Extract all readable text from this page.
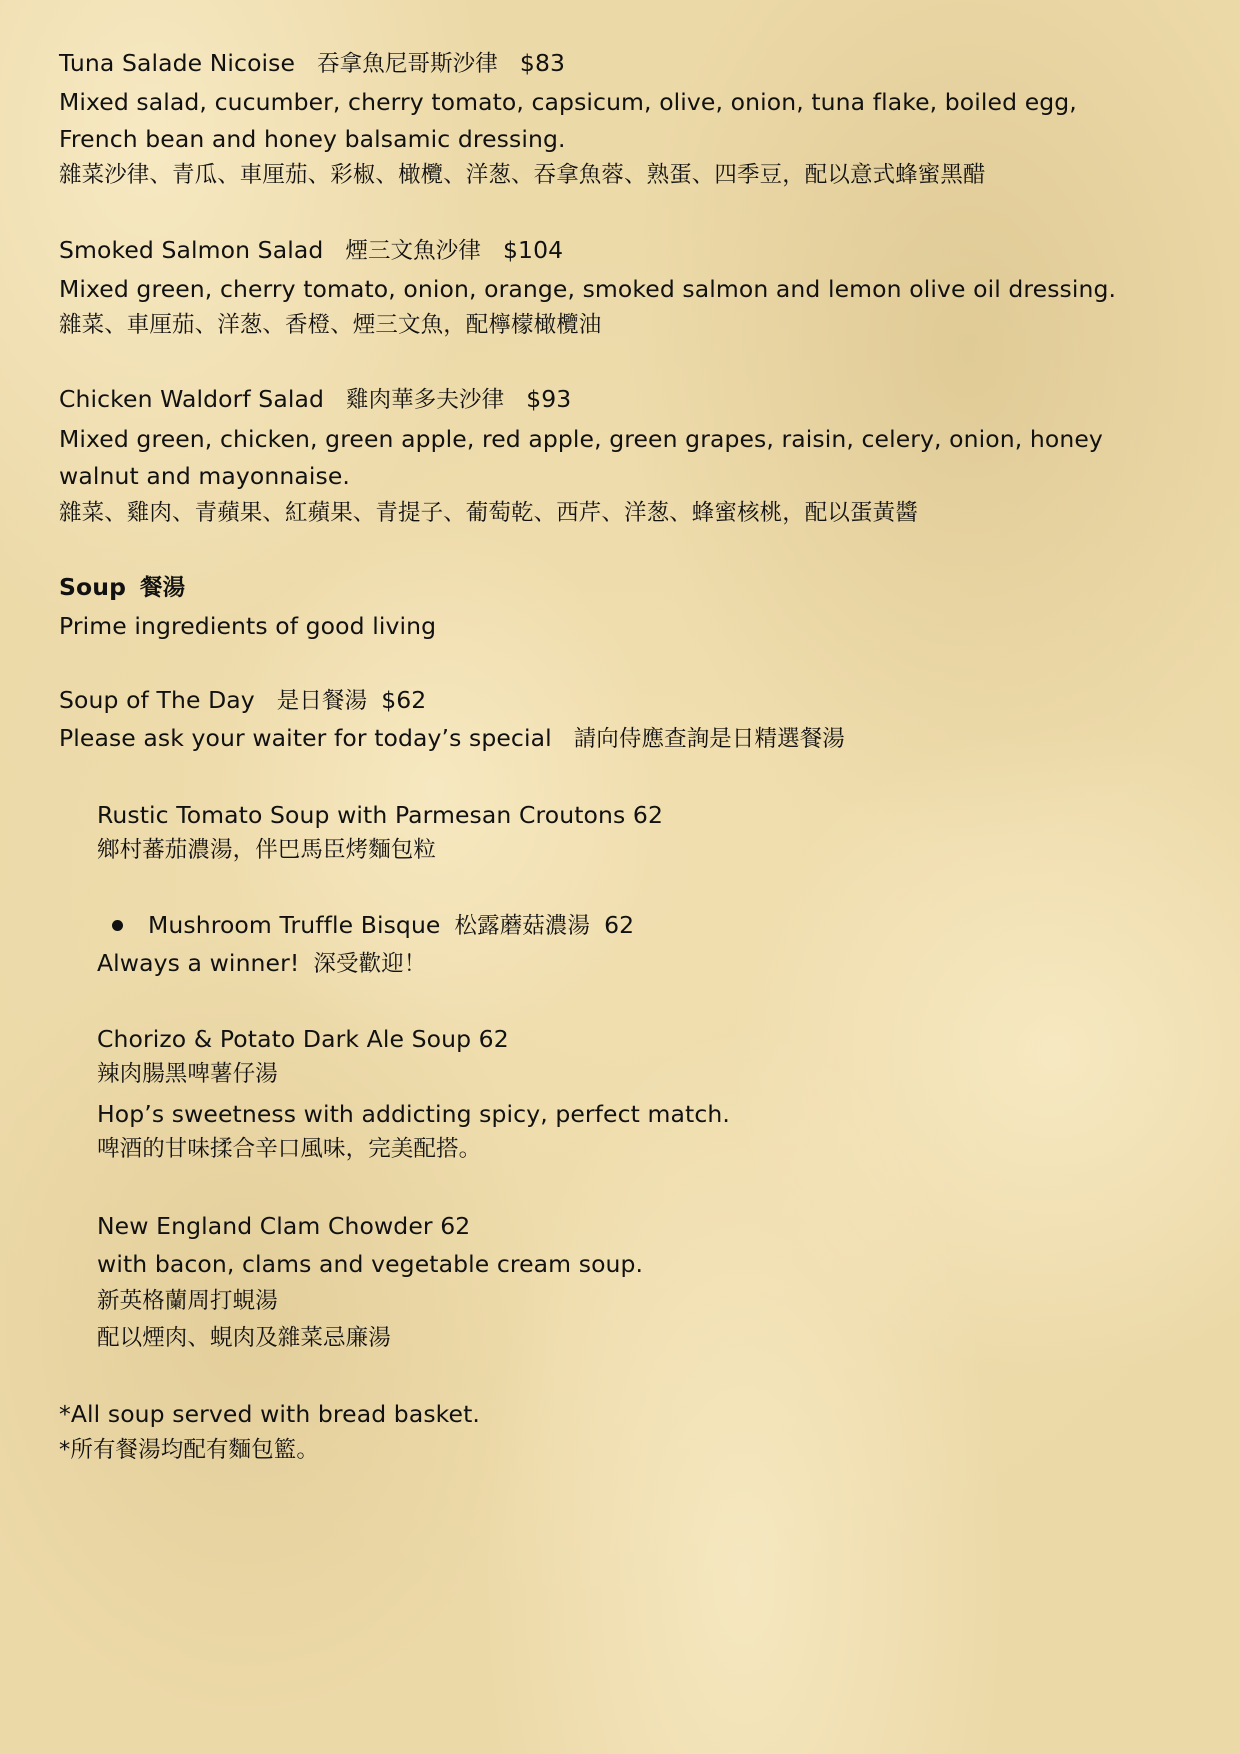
Tuna Salade Nicoise 吞拿魚尼哥斯沙律 $83
Mixed salad, cucumber, cherry tomato, capsicum, olive, onion, tuna flake, boiled egg,
French bean and honey balsamic dressing.
雜菜沙律、青瓜、車厘茄、彩椒、橄欖、洋葱、吞拿魚蓉、熟蛋、四季豆，配以意式蜂蜜黑醋
Smoked Salmon Salad 煙三文魚沙律 $104
Mixed green, cherry tomato, onion, orange, smoked salmon and lemon olive oil dressing.
雜菜、車厘茄、洋葱、香橙、煙三文魚，配檸檬橄欖油
Chicken Waldorf Salad 雞肉華多夫沙律 $93
Mixed green, chicken, green apple, red apple, green grapes, raisin, celery, onion, honey
walnut and mayonnaise.
雜菜、雞肉、青蘋果、紅蘋果、青提子、葡萄乾、西芹、洋葱、蜂蜜核桃，配以蛋黃醬
Soup 餐湯
Prime ingredients of good living
Soup of The Day 是日餐湯 $62
Please ask your waiter for today’s special 請向侍應查詢是日精選餐湯
Rustic Tomato Soup with Parmesan Croutons 62
鄉村蕃茄濃湯，伴巴馬臣烤麵包粒
Mushroom Truffle Bisque 松露蘑菇濃湯 62
Always a winner! 深受歡迎！
Chorizo & Potato Dark Ale Soup 62
辣肉腸黑啤薯仔湯
Hop’s sweetness with addicting spicy, perfect match.
啤酒的甘味揉合辛口風味，完美配搭。
New England Clam Chowder 62
with bacon, clams and vegetable cream soup.
新英格蘭周打蜆湯
配以煙肉、蜆肉及雜菜忌廉湯
*All soup served with bread basket.
*所有餐湯均配有麵包籃。
